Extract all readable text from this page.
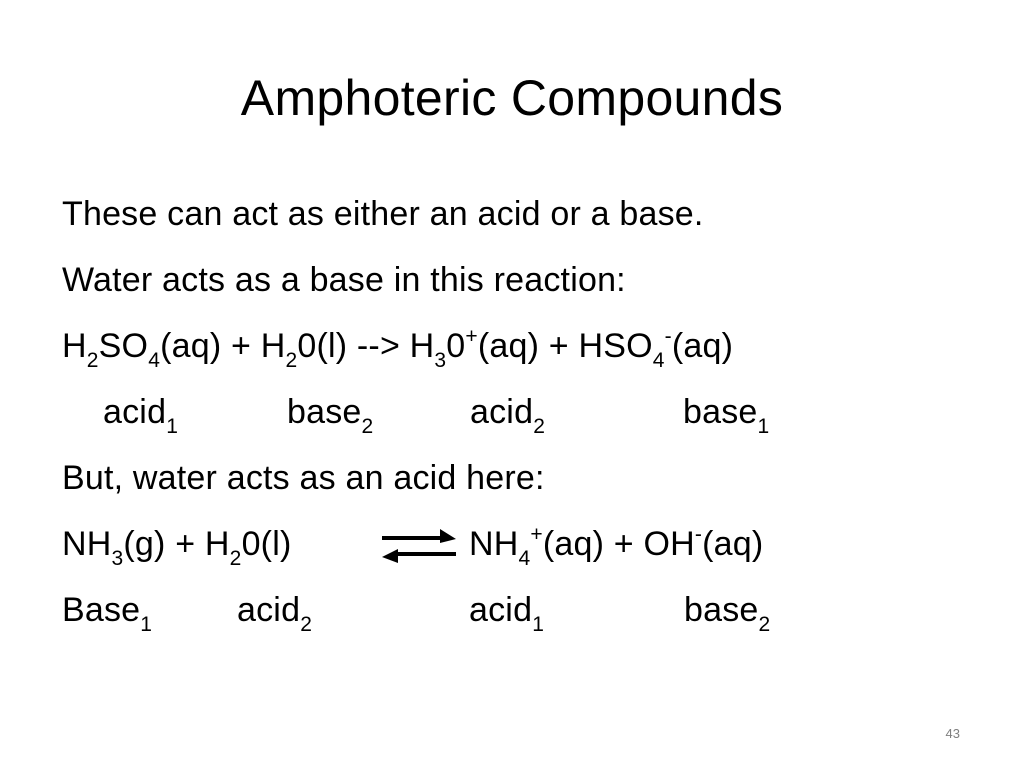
Amphoteric Compounds
These can act as either an acid or a base.
Water acts as a base in this reaction:
$H_2SO_4(aq) + H_20(l)$ --> $H_30^+(aq) + HSO_4^-(aq)$
acid$_1$	base$_2$	acid$_2$	base$_1$
But, water acts as an acid here:
$NH_3(g) + H_20(l)$	$NH_4^+(aq) + OH^-(aq)$
Base$_1$ acid$_2$	acid$_1$	base$_2$
43
